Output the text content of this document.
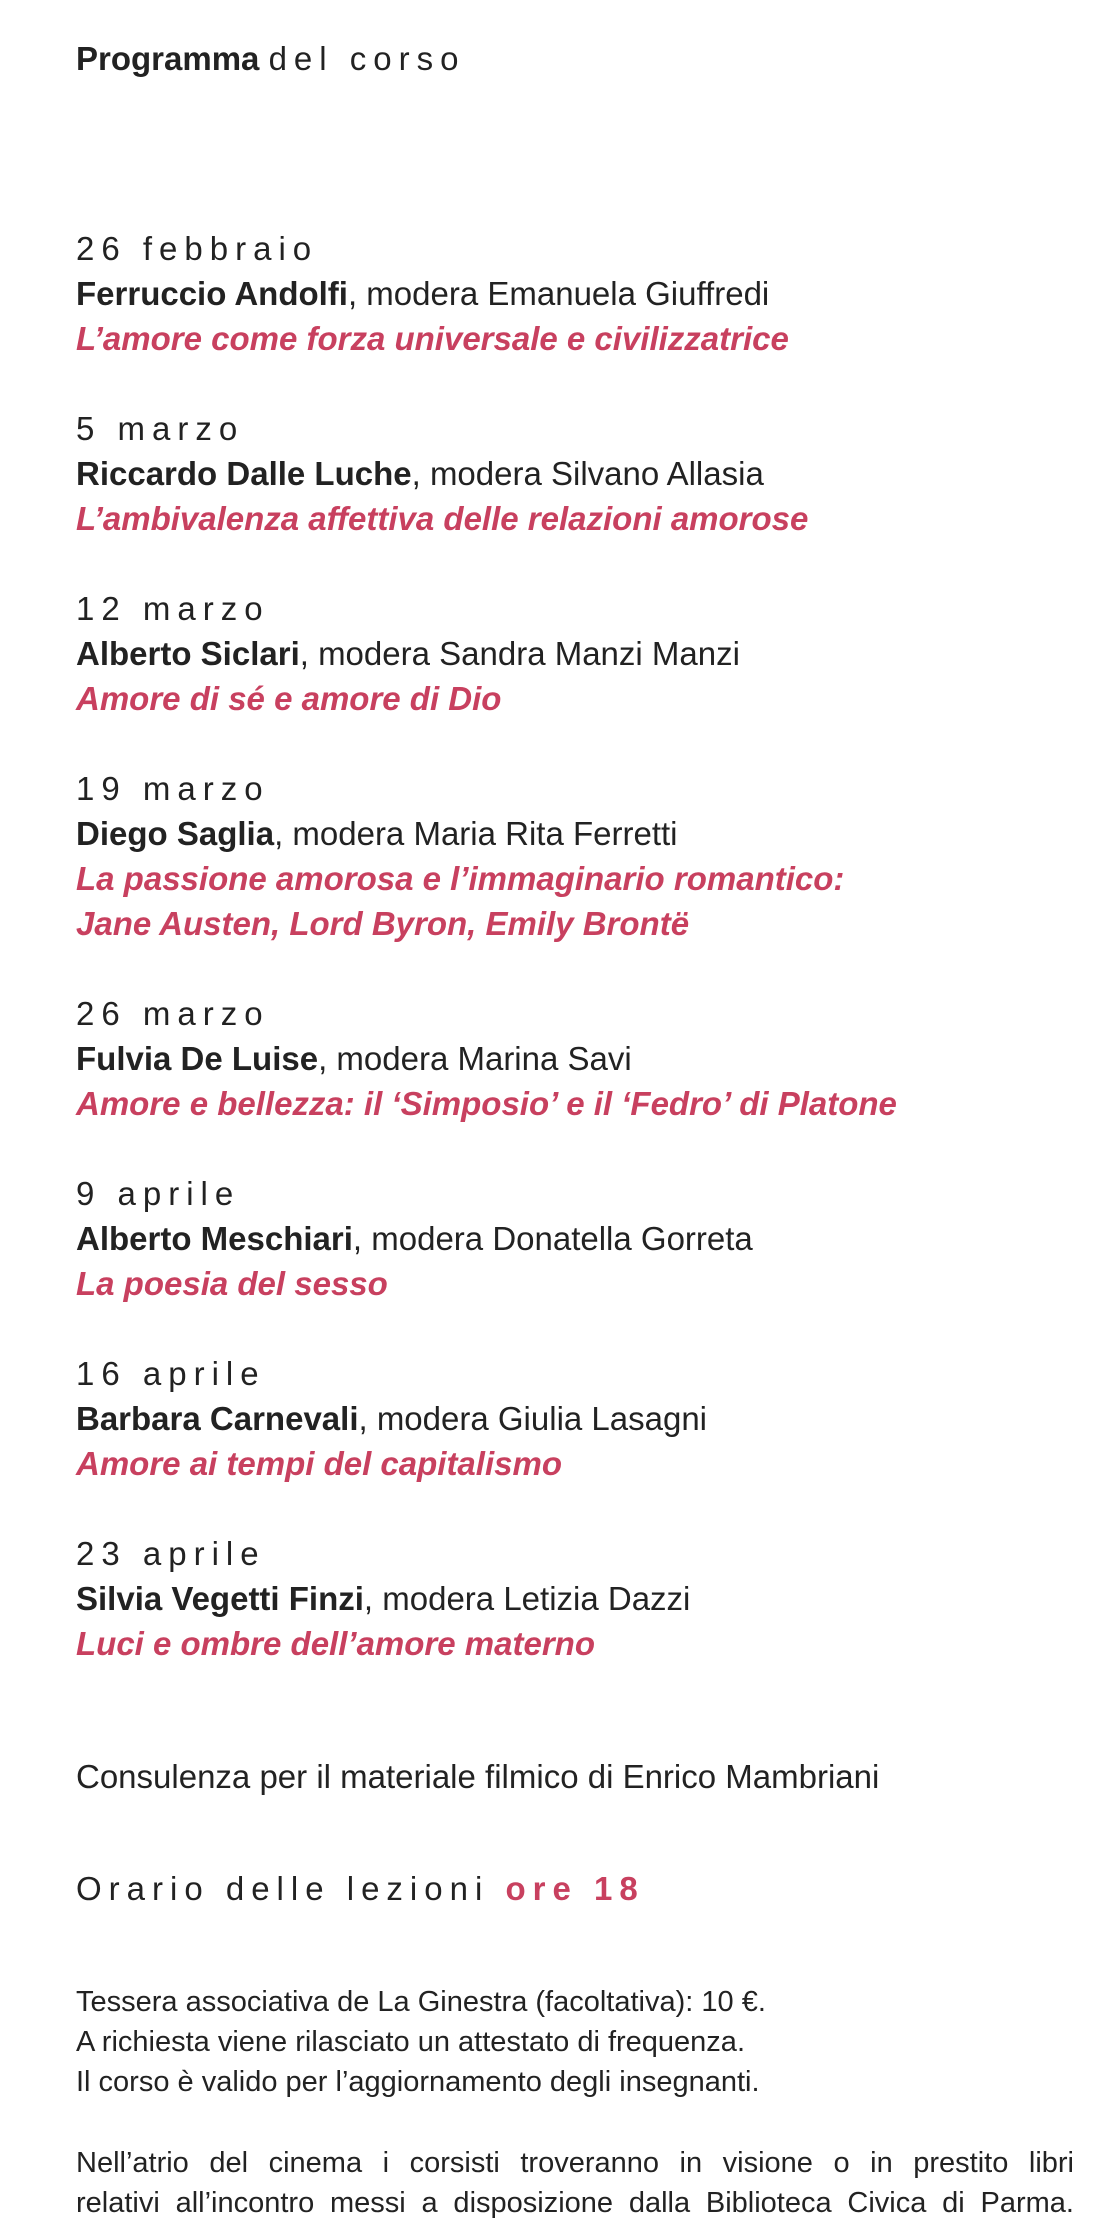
Programma del corso
26 febbraio
Ferruccio Andolfi, modera Emanuela Giuffredi
L’amore come forza universale e civilizzatrice
5 marzo
Riccardo Dalle Luche, modera Silvano Allasia
L’ambivalenza affettiva delle relazioni amorose
12 marzo
Alberto Siclari, modera Sandra Manzi Manzi
Amore di sé e amore di Dio
19 marzo
Diego Saglia, modera Maria Rita Ferretti
La passione amorosa e l’immaginario romantico:
Jane Austen, Lord Byron, Emily Brontë
26 marzo
Fulvia De Luise, modera Marina Savi
Amore e bellezza: il ‘Simposio’ e il ‘Fedro’ di Platone
9 aprile
Alberto Meschiari, modera Donatella Gorreta
La poesia del sesso
16 aprile
Barbara Carnevali, modera Giulia Lasagni
Amore ai tempi del capitalismo
23 aprile
Silvia Vegetti Finzi, modera Letizia Dazzi
Luci e ombre dell’amore materno
Consulenza per il materiale filmico di Enrico Mambriani
Orario delle lezioni ore 18
Tessera associativa de La Ginestra (facoltativa): 10 €.
A richiesta viene rilasciato un attestato di frequenza.
Il corso è valido per l’aggiornamento degli insegnanti.
Nell’atrio del cinema i corsisti troveranno in visione o in prestito libri
relativi all’incontro messi a disposizione dalla Biblioteca Civica di Parma.
